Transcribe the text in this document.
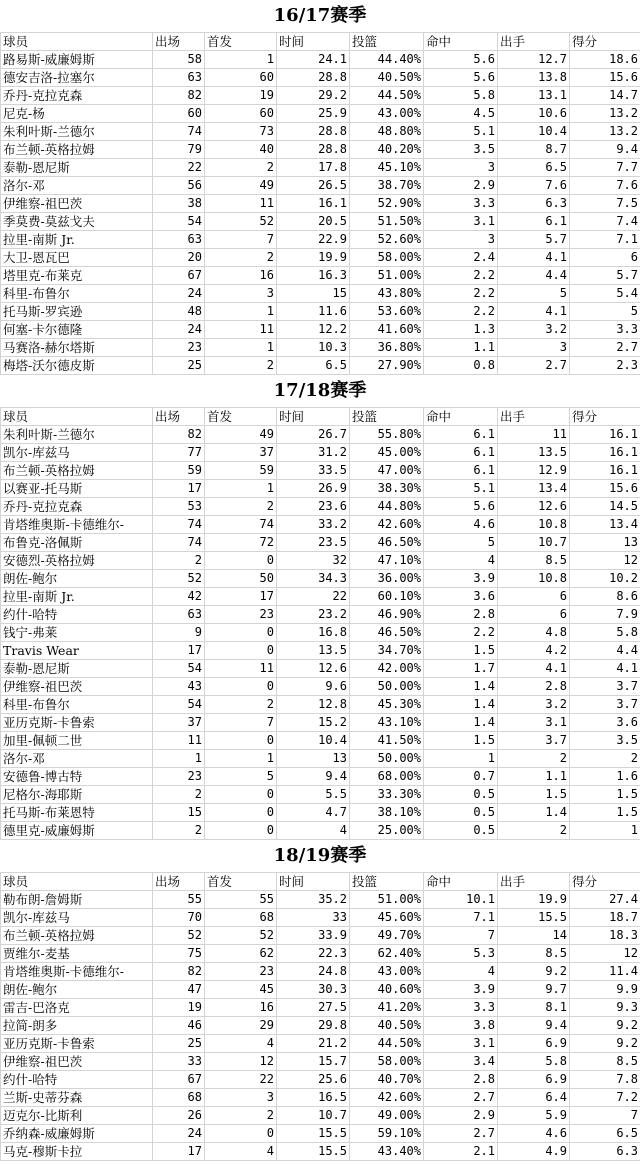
16/17赛季
球员	出场	首发	时间	投篮	命中	出手	得分
路易斯-威廉姆斯	58	1	24.1	44.40%	5.6	12.7	18.6
德安吉洛-拉塞尔	63	60	28.8	40.50%	5.6	13.8	15.6
乔丹-克拉克森	82	19	29.2	44.50%	5.8	13.1	14.7
尼克-杨	60	60	25.9	43.00%	4.5	10.6	13.2
朱利叶斯-兰德尔	74	73	28.8	48.80%	5.1	10.4	13.2
布兰顿-英格拉姆	79	40	28.8	40.20%	3.5	8.7	9.4
泰勒-恩尼斯	22	2	17.8	45.10%	3	6.5	7.7
洛尔-邓	56	49	26.5	38.70%	2.9	7.6	7.6
伊维察-祖巴茨	38	11	16.1	52.90%	3.3	6.3	7.5
季莫费-莫兹戈夫	54	52	20.5	51.50%	3.1	6.1	7.4
拉里-南斯 Jr.	63	7	22.9	52.60%	3	5.7	7.1
大卫-恩瓦巴	20	2	19.9	58.00%	2.4	4.1	6
塔里克-布莱克	67	16	16.3	51.00%	2.2	4.4	5.7
科里-布鲁尔	24	3	15	43.80%	2.2	5	5.4
托马斯-罗宾逊	48	1	11.6	53.60%	2.2	4.1	5
何塞-卡尔德隆	24	11	12.2	41.60%	1.3	3.2	3.3
马赛洛-赫尔塔斯	23	1	10.3	36.80%	1.1	3	2.7
梅塔-沃尔德皮斯	25	2	6.5	27.90%	0.8	2.7	2.3
17/18赛季
球员	出场	首发	时间	投篮	命中	出手	得分
朱利叶斯-兰德尔	82	49	26.7	55.80%	6.1	11	16.1
凯尔-库兹马	77	37	31.2	45.00%	6.1	13.5	16.1
布兰顿-英格拉姆	59	59	33.5	47.00%	6.1	12.9	16.1
以赛亚-托马斯	17	1	26.9	38.30%	5.1	13.4	15.6
乔丹-克拉克森	53	2	23.6	44.80%	5.6	12.6	14.5
肯塔维奥斯-卡德维尔-	74	74	33.2	42.60%	4.6	10.8	13.4
布鲁克-洛佩斯	74	72	23.5	46.50%	5	10.7	13
安德烈-英格拉姆	2	0	32	47.10%	4	8.5	12
朗佐-鲍尔	52	50	34.3	36.00%	3.9	10.8	10.2
拉里-南斯 Jr.	42	17	22	60.10%	3.6	6	8.6
约什-哈特	63	23	23.2	46.90%	2.8	6	7.9
钱宁-弗莱	9	0	16.8	46.50%	2.2	4.8	5.8
Travis Wear	17	0	13.5	34.70%	1.5	4.2	4.4
泰勒-恩尼斯	54	11	12.6	42.00%	1.7	4.1	4.1
伊维察-祖巴茨	43	0	9.6	50.00%	1.4	2.8	3.7
科里-布鲁尔	54	2	12.8	45.30%	1.4	3.2	3.7
亚历克斯-卡鲁索	37	7	15.2	43.10%	1.4	3.1	3.6
加里-佩顿二世	11	0	10.4	41.50%	1.5	3.7	3.5
洛尔-邓	1	1	13	50.00%	1	2	2
安德鲁-博古特	23	5	9.4	68.00%	0.7	1.1	1.6
尼格尔-海耶斯	2	0	5.5	33.30%	0.5	1.5	1.5
托马斯-布莱恩特	15	0	4.7	38.10%	0.5	1.4	1.5
德里克-威廉姆斯	2	0	4	25.00%	0.5	2	1
18/19赛季
球员	出场	首发	时间	投篮	命中	出手	得分
勒布朗-詹姆斯	55	55	35.2	51.00%	10.1	19.9	27.4
凯尔-库兹马	70	68	33	45.60%	7.1	15.5	18.7
布兰顿-英格拉姆	52	52	33.9	49.70%	7	14	18.3
贾维尔-麦基	75	62	22.3	62.40%	5.3	8.5	12
肯塔维奥斯-卡德维尔-	82	23	24.8	43.00%	4	9.2	11.4
朗佐-鲍尔	47	45	30.3	40.60%	3.9	9.7	9.9
雷吉-巴洛克	19	16	27.5	41.20%	3.3	8.1	9.3
拉简-朗多	46	29	29.8	40.50%	3.8	9.4	9.2
亚历克斯-卡鲁索	25	4	21.2	44.50%	3.1	6.9	9.2
伊维察-祖巴茨	33	12	15.7	58.00%	3.4	5.8	8.5
约什-哈特	67	22	25.6	40.70%	2.8	6.9	7.8
兰斯-史蒂芬森	68	3	16.5	42.60%	2.7	6.4	7.2
迈克尔-比斯利	26	2	10.7	49.00%	2.9	5.9	7
乔纳森-威廉姆斯	24	0	15.5	59.10%	2.7	4.6	6.5
马克-穆斯卡拉	17	4	15.5	43.40%	2.1	4.9	6.3
